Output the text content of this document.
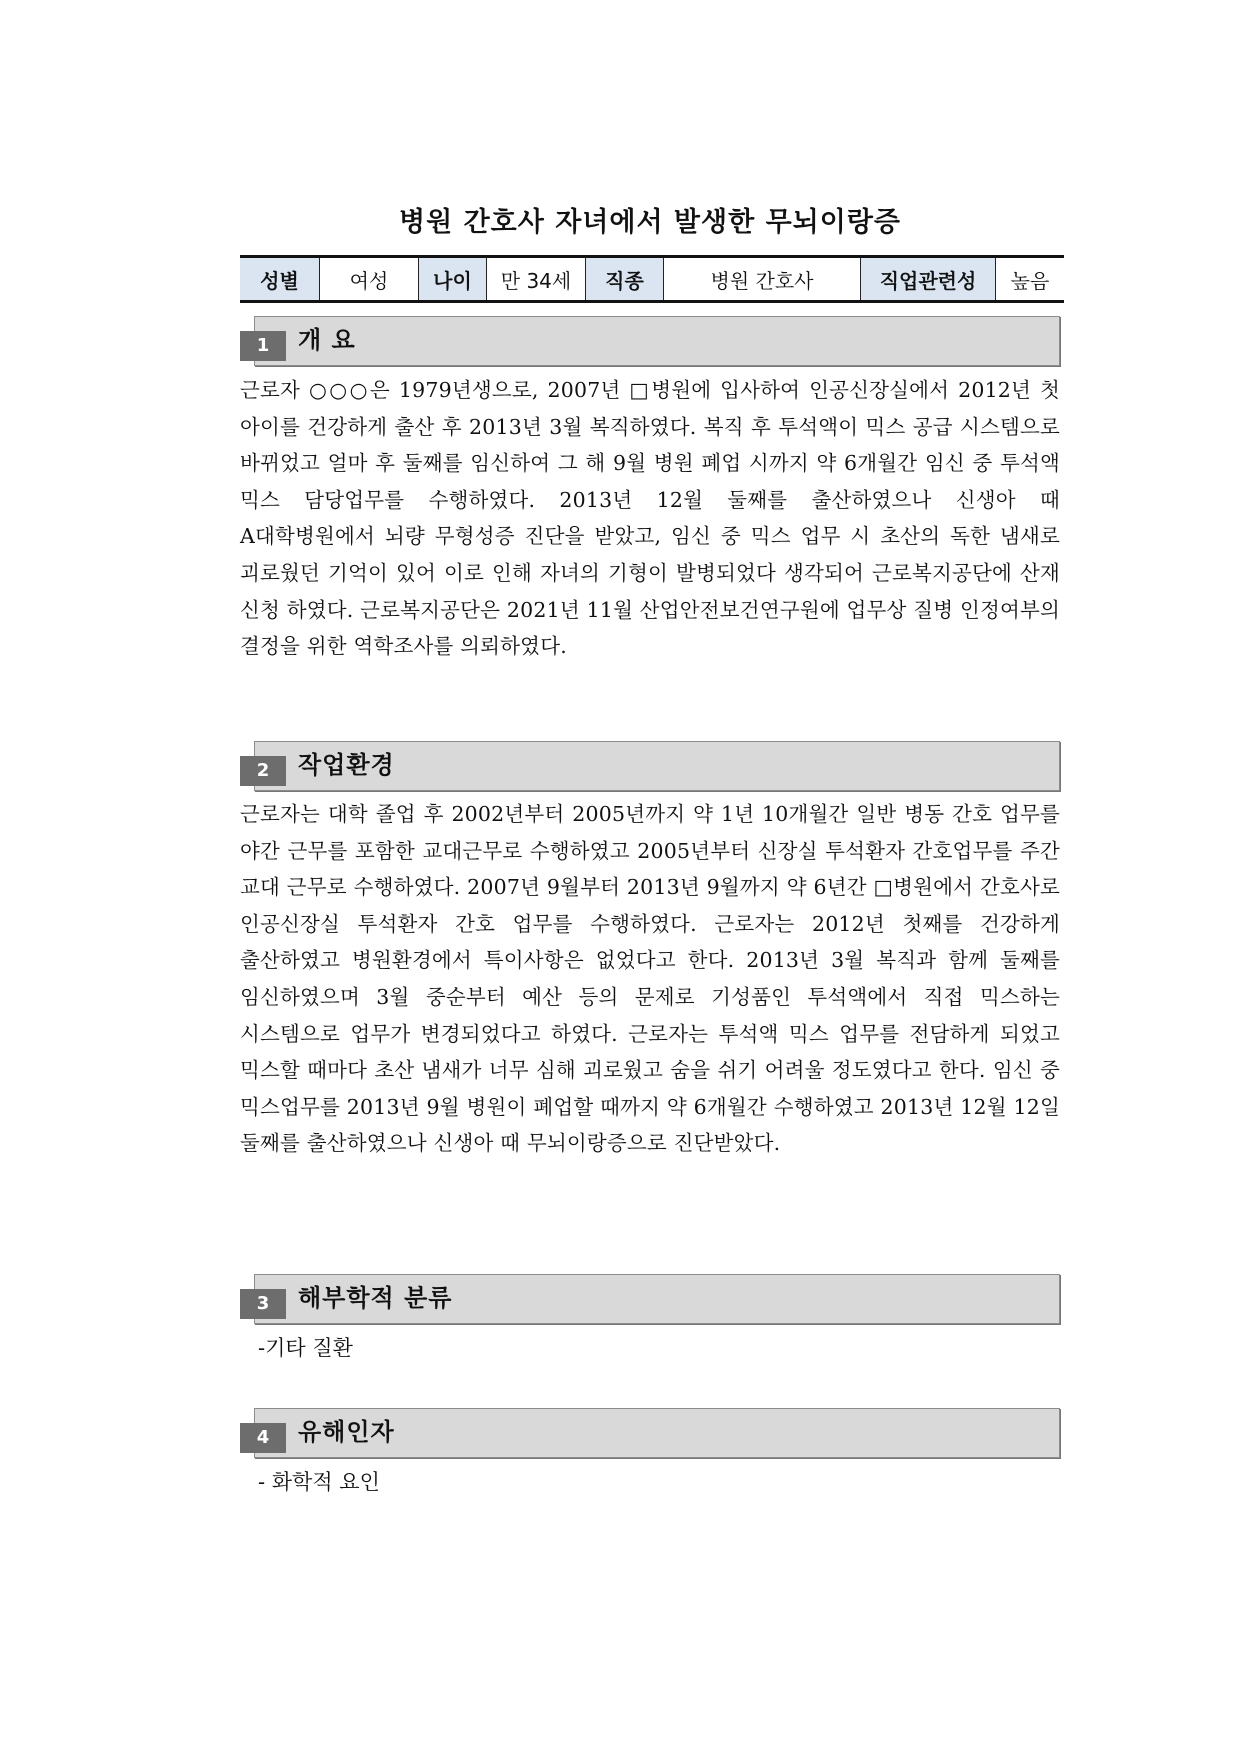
병원 간호사 자녀에서 발생한 무뇌이랑증
성별	여성	나이	만 34세	직종	병원 간호사	직업관련성	높음
1	개 요
근로자 ○○○은 1979년생으로, 2007년 □병원에 입사하여 인공신장실에서 2012년 첫 아이를 건강하게 출산 후 2013년 3월 복직하였다. 복직 후 투석액이 믹스 공급 시스템으로 바뀌었고 얼마 후 둘째를 임신하여 그 해 9월 병원 폐업 시까지 약 6개월간 임신 중 투석액 믹스 담당업무를 수행하였다. 2013년 12월 둘째를 출산하였으나 신생아 때 A대학병원에서 뇌량 무형성증 진단을 받았고, 임신 중 믹스 업무 시 초산의 독한 냄새로 괴로웠던 기억이 있어 이로 인해 자녀의 기형이 발병되었다 생각되어 근로복지공단에 산재 신청 하였다. 근로복지공단은 2021년 11월 산업안전보건연구원에 업무상 질병 인정여부의 결정을 위한 역학조사를 의뢰하였다.
2	작업환경
근로자는 대학 졸업 후 2002년부터 2005년까지 약 1년 10개월간 일반 병동 간호 업무를 야간 근무를 포함한 교대근무로 수행하였고 2005년부터 신장실 투석환자 간호업무를 주간 교대 근무로 수행하였다. 2007년 9월부터 2013년 9월까지 약 6년간 □병원에서 간호사로 인공신장실 투석환자 간호 업무를 수행하였다. 근로자는 2012년 첫째를 건강하게 출산하였고 병원환경에서 특이사항은 없었다고 한다. 2013년 3월 복직과 함께 둘째를 임신하였으며 3월 중순부터 예산 등의 문제로 기성품인 투석액에서 직접 믹스하는 시스템으로 업무가 변경되었다고 하였다. 근로자는 투석액 믹스 업무를 전담하게 되었고 믹스할 때마다 초산 냄새가 너무 심해 괴로웠고 숨을 쉬기 어려울 정도였다고 한다. 임신 중 믹스업무를 2013년 9월 병원이 폐업할 때까지 약 6개월간 수행하였고 2013년 12월 12일 둘째를 출산하였으나 신생아 때 무뇌이랑증으로 진단받았다.
3	해부학적 분류
-기타 질환
4	유해인자
- 화학적 요인
